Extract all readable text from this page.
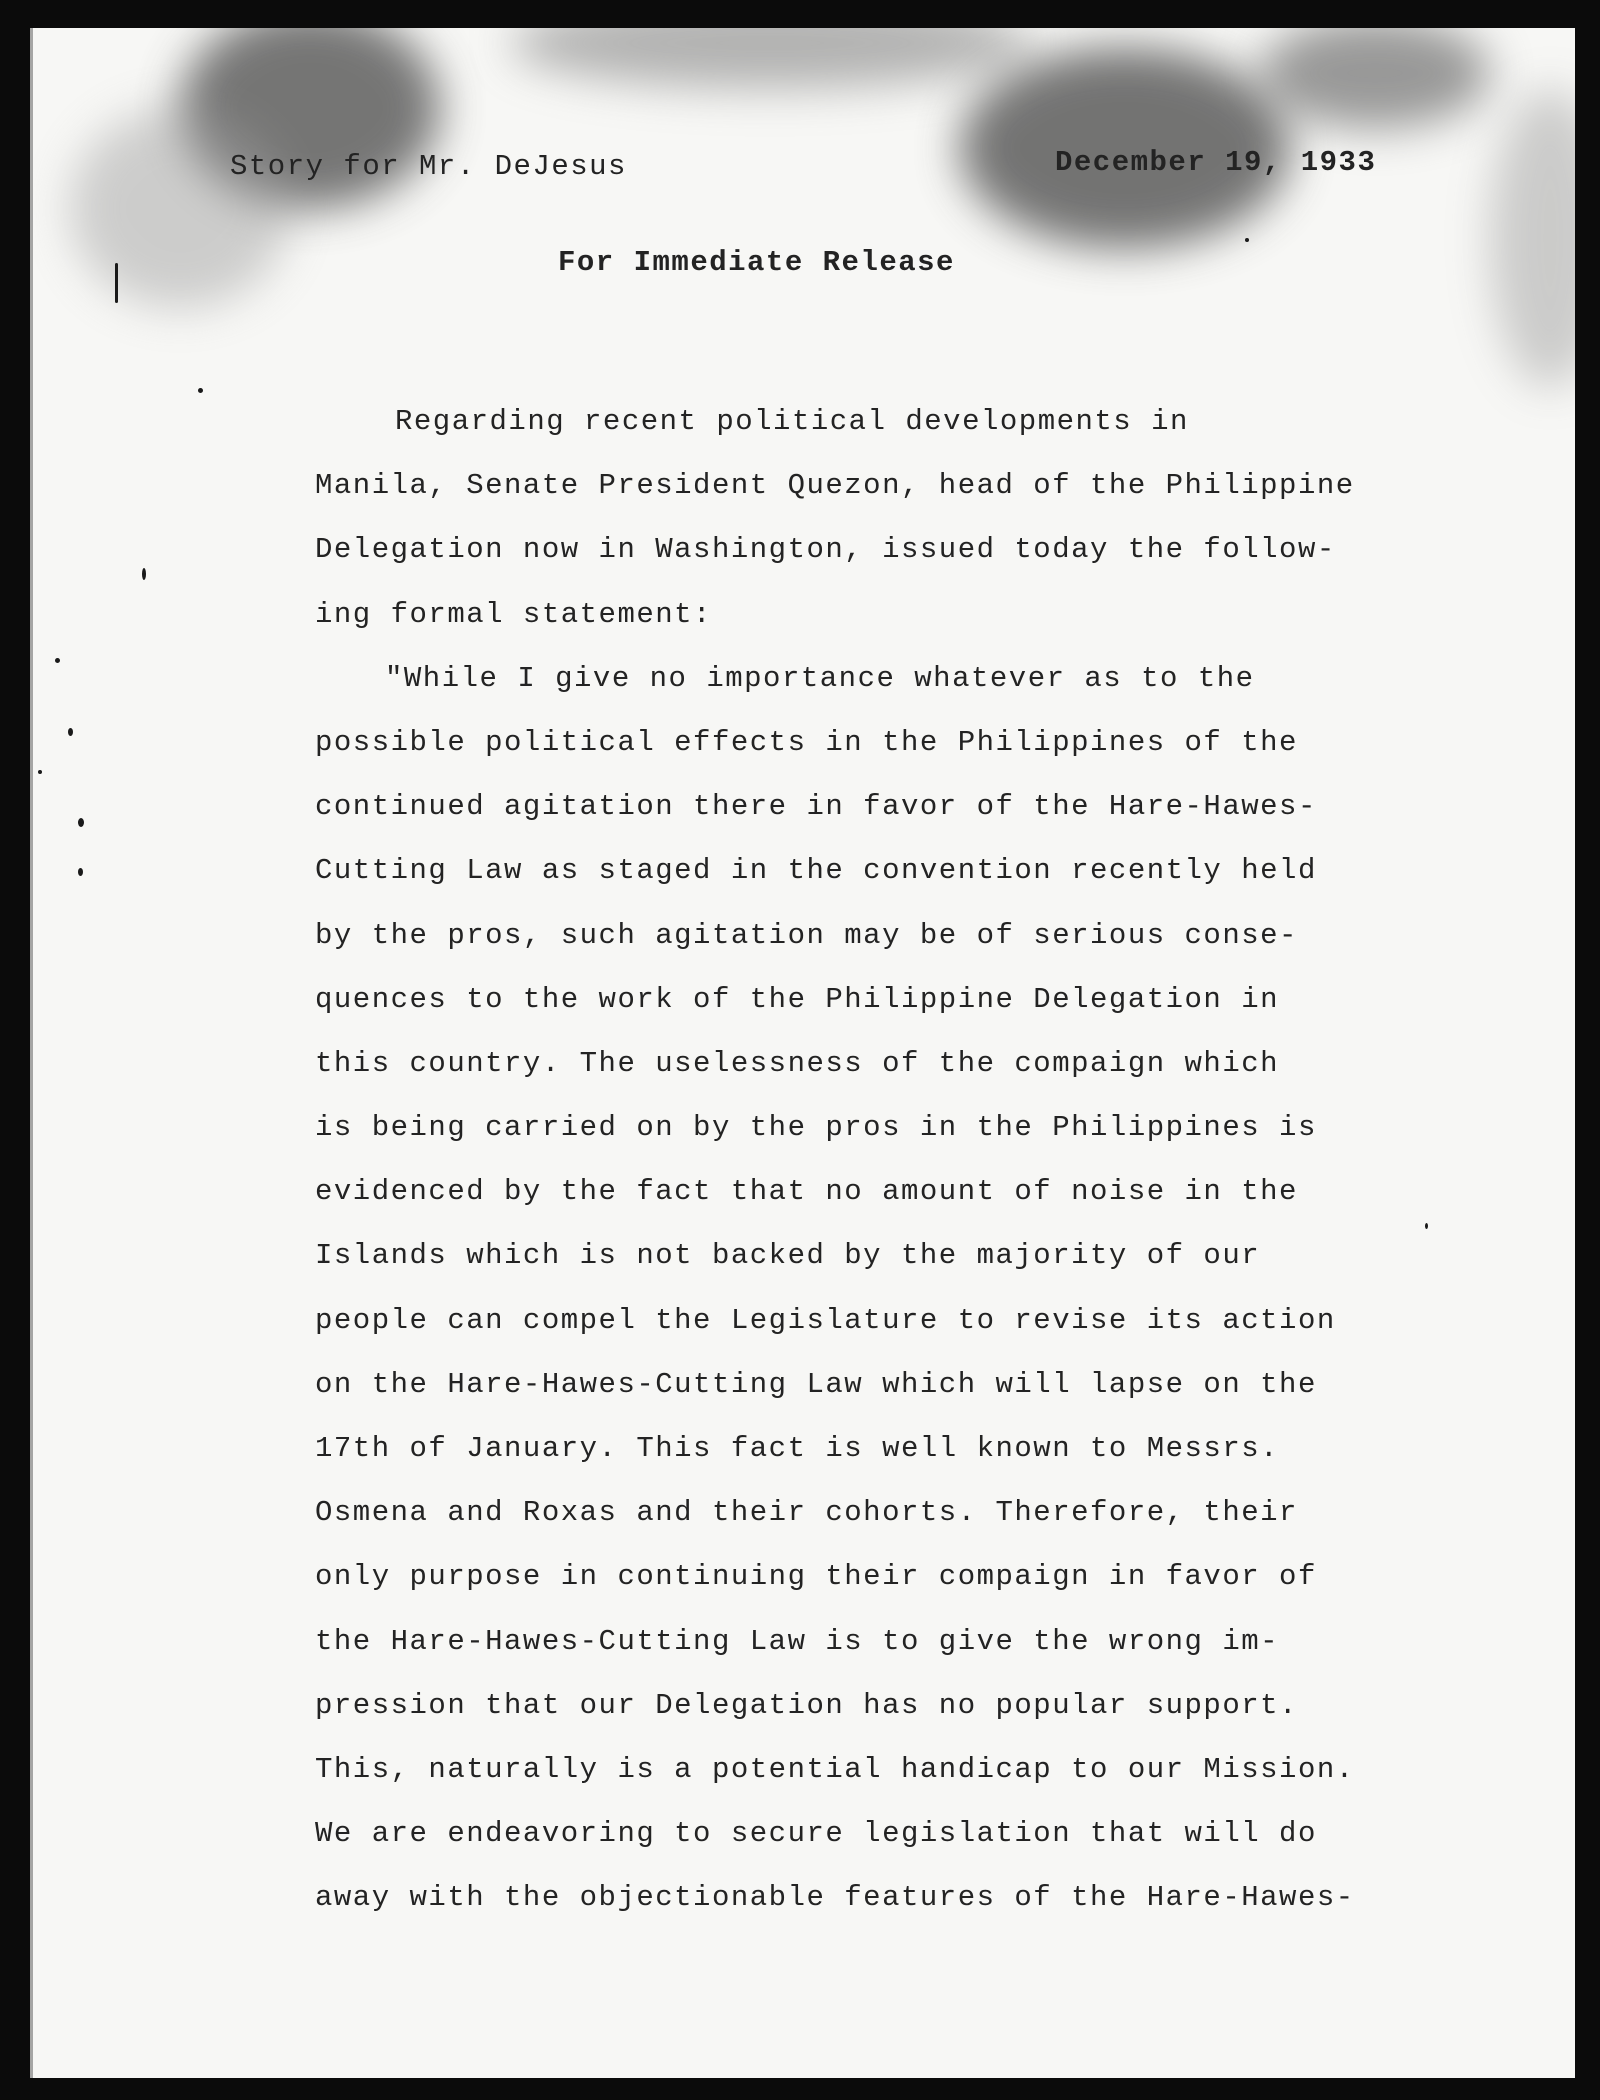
Story for Mr. DeJesus	December 19, 1933
For Immediate Release
Regarding recent political developments in
Manila, Senate President Quezon, head of the Philippine
Delegation now in Washington, issued today the follow-
ing formal statement:
"While I give no importance whatever as to the
possible political effects in the Philippines of the
continued agitation there in favor of the Hare-Hawes-
Cutting Law as staged in the convention recently held
by the pros, such agitation may be of serious conse-
quences to the work of the Philippine Delegation in
this country. The uselessness of the compaign which
is being carried on by the pros in the Philippines is
evidenced by the fact that no amount of noise in the
Islands which is not backed by the majority of our
people can compel the Legislature to revise its action
on the Hare-Hawes-Cutting Law which will lapse on the
17th of January. This fact is well known to Messrs.
Osmena and Roxas and their cohorts. Therefore, their
only purpose in continuing their compaign in favor of
the Hare-Hawes-Cutting Law is to give the wrong im-
pression that our Delegation has no popular support.
This, naturally is a potential handicap to our Mission.
We are endeavoring to secure legislation that will do
away with the objectionable features of the Hare-Hawes-
